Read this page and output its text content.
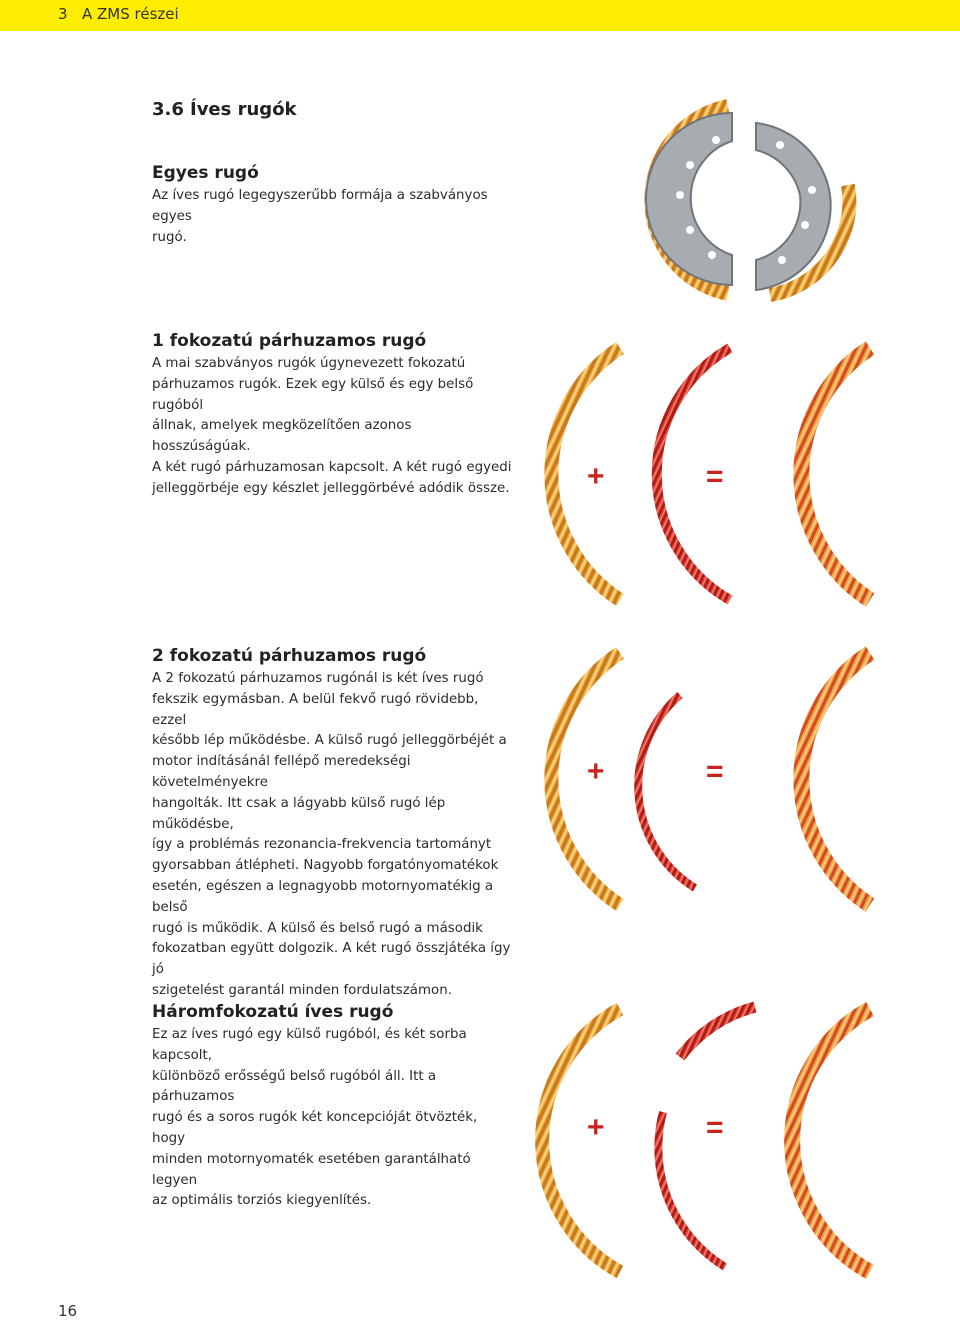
3 A ZMS részei
3.6 Íves rugók
Egyes rugó

Az íves rugó legegyszerűbb formája a szabványos egyes
rugó.

1 fokozatú párhuzamos rugó

A mai szabványos rugók úgynevezett fokozatú
párhuzamos rugók. Ezek egy külső és egy belső rugóból
állnak, amelyek megközelítően azonos hosszúságúak.
A két rugó párhuzamosan kapcsolt. A két rugó egyedi
jelleggörbéje egy készlet jelleggörbévé adódik össze.

2 fokozatú párhuzamos rugó

A 2 fokozatú párhuzamos rugónál is két íves rugó
fekszik egymásban. A belül fekvő rugó rövidebb, ezzel
később lép működésbe. A külső rugó jelleggörbéjét a
motor indításánál fellépő meredekségi követelményekre
hangolták. Itt csak a lágyabb külső rugó lép működésbe,
így a problémás rezonancia-frekvencia tartományt
gyorsabban átlépheti. Nagyobb forgatónyomatékok
esetén, egészen a legnagyobb motornyomatékig a belső
rugó is működik. A külső és belső rugó a második
fokozatban együtt dolgozik. A két rugó összjátéka így jó
szigetelést garantál minden fordulatszámon.

Háromfokozatú íves rugó

Ez az íves rugó egy külső rugóból, és két sorba kapcsolt,
különböző erősségű belső rugóból áll. Itt a párhuzamos
rugó és a soros rugók két koncepcióját ötvözték, hogy
minden motornyomaték esetében garantálható legyen
az optimális torziós kiegyenlítés.

+	=
+	=
+	=
16
